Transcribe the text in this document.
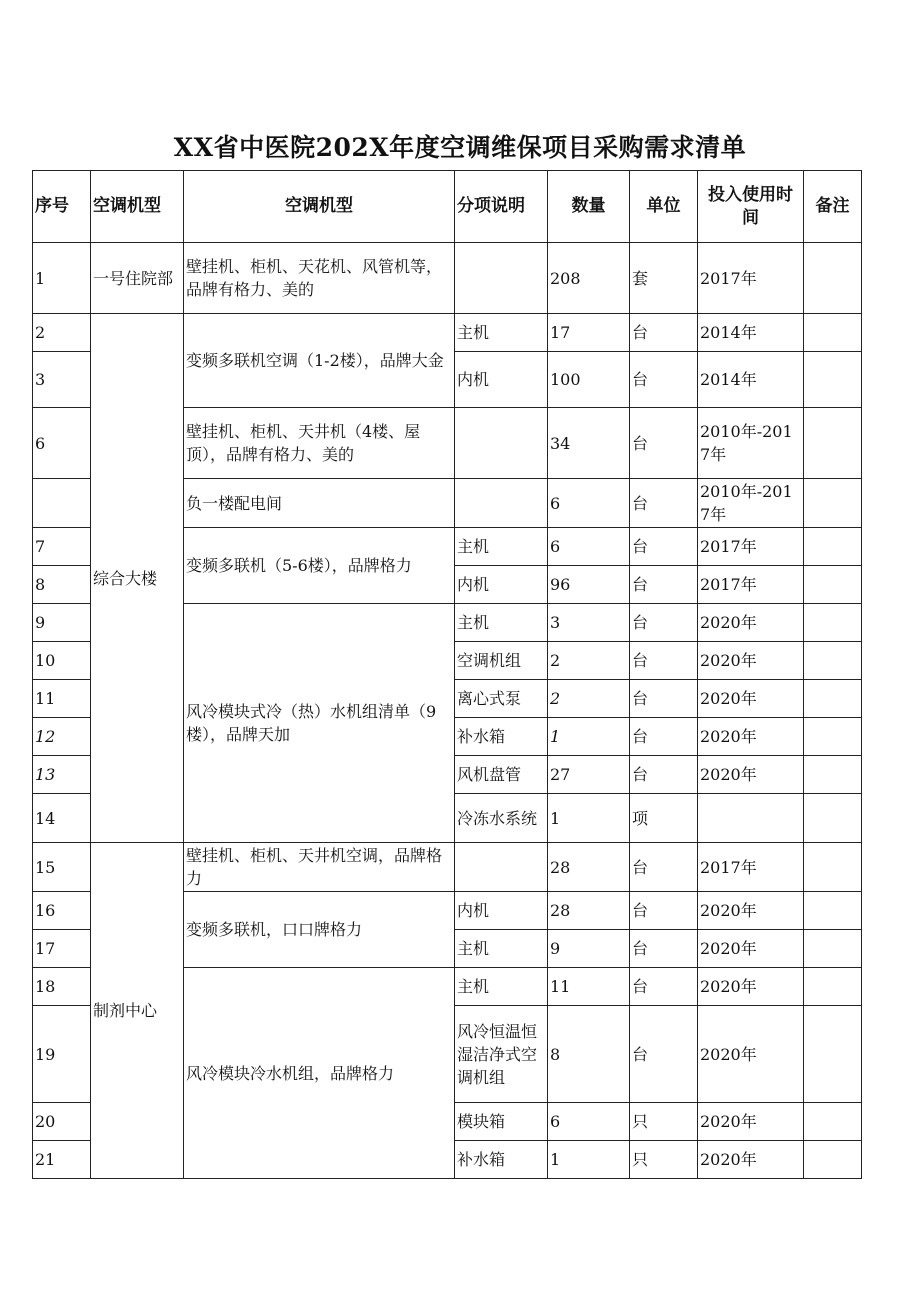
XX省中医院202X年度空调维保项目采购需求清单
序号	空调机型	空调机型	分项说明	数量	单位	投入使用时间	备注
1	一号住院部	壁挂机、柜机、天花机、风管机等，品牌有格力、美的		208	套	2017年	
2	综合大楼	变频多联机空调（1-2楼），品牌大金	主机	17	台	2014年	
3			内机	100	台	2014年	
6		壁挂机、柜机、天井机（4楼、屋顶），品牌有格力、美的		34	台	2010年-2017年	
		负一楼配电间		6	台	2010年-2017年	
7		变频多联机（5-6楼），品牌格力	主机	6	台	2017年	
8			内机	96	台	2017年	
9		风冷模块式冷（热）水机组清单（9楼），品牌天加	主机	3	台	2020年	
10			空调机组	2	台	2020年	
11			离心式泵	2	台	2020年	
12			补水箱	1	台	2020年	
13			风机盘管	27	台	2020年	
14			冷冻水系统	1	项		
15	制剂中心	壁挂机、柜机、天井机空调，品牌格力		28	台	2017年	
16		变频多联机，口口牌格力	内机	28	台	2020年	
17			主机	9	台	2020年	
18		风冷模块冷水机组，品牌格力	主机	11	台	2020年	
19			风冷恒温恒湿洁净式空调机组	8	台	2020年	
20			模块箱	6	只	2020年	
21			补水箱	1	只	2020年	
